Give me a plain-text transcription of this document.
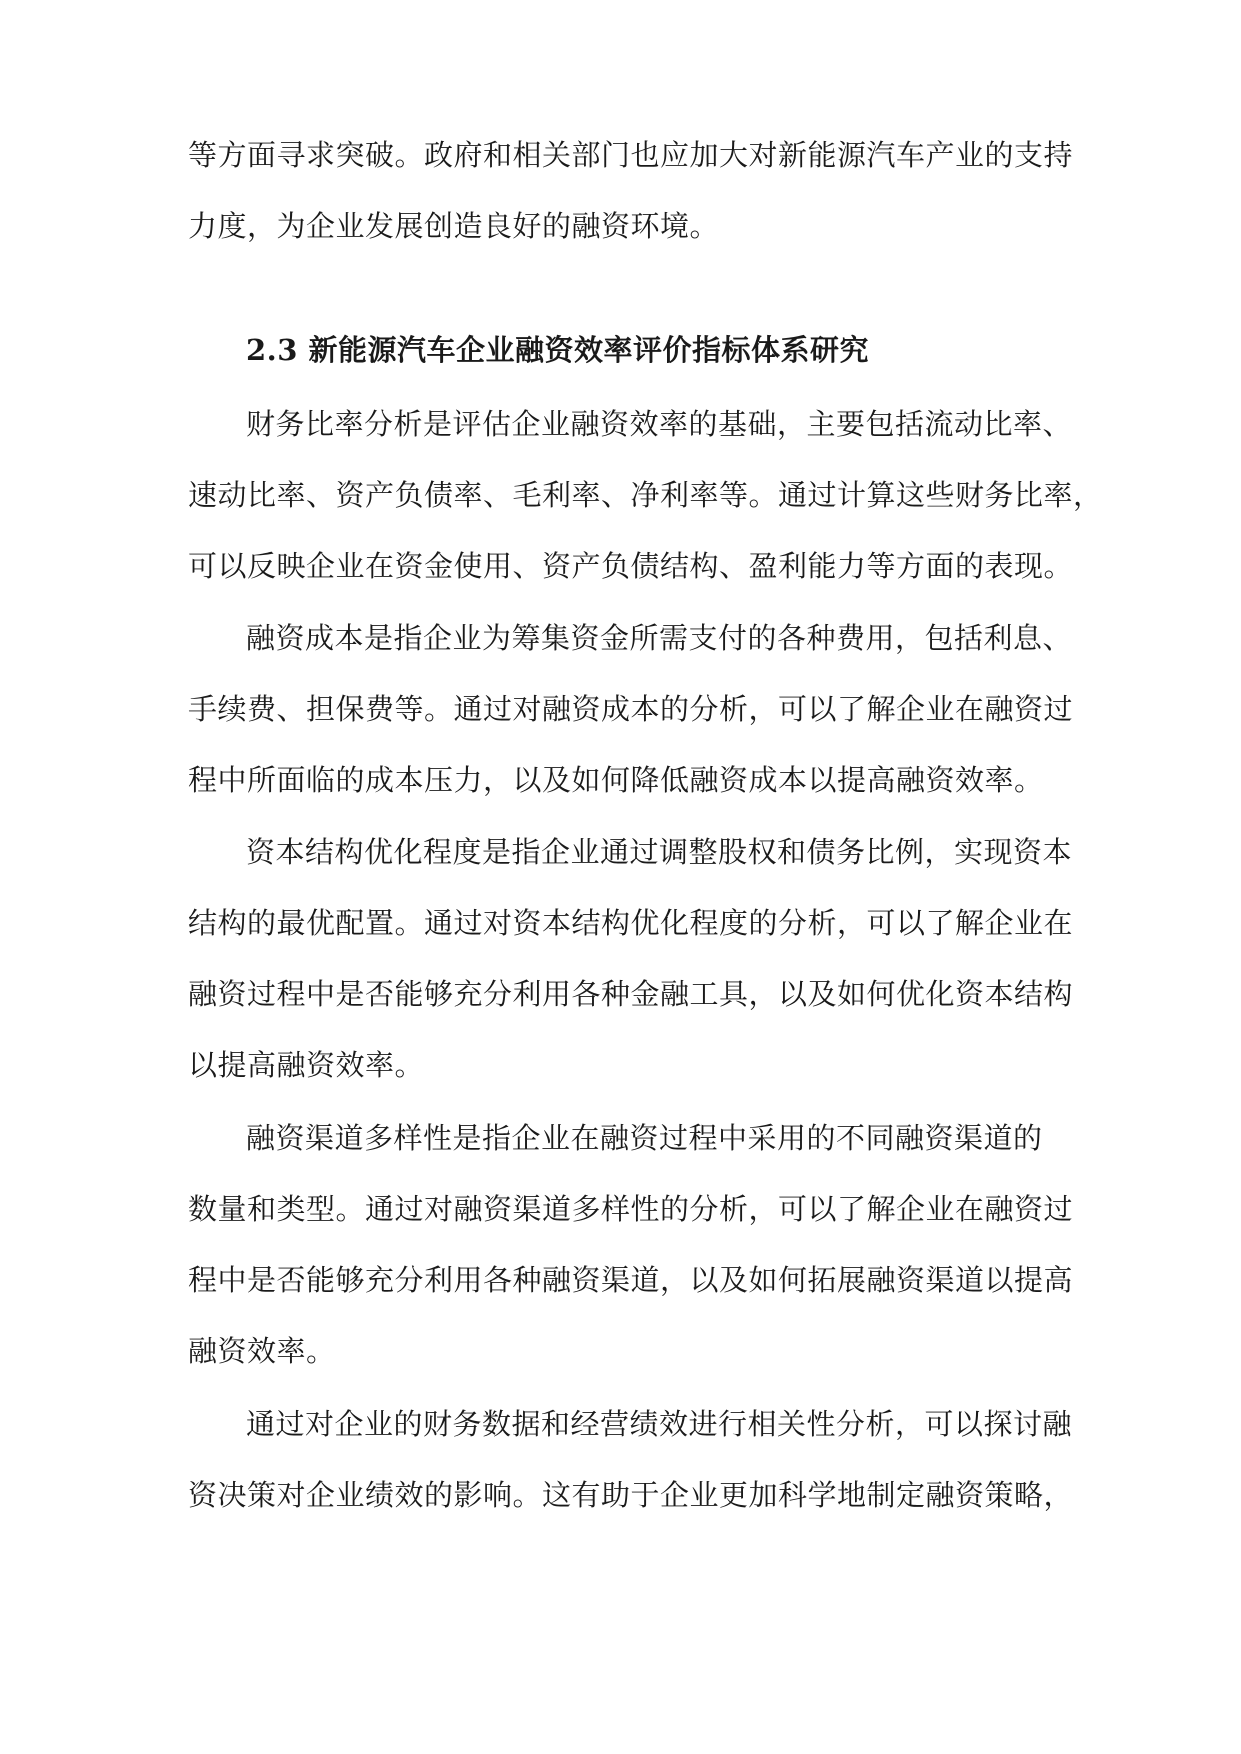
等方面寻求突破。政府和相关部门也应加大对新能源汽车产业的支持
力度，为企业发展创造良好的融资环境。
2.3 新能源汽车企业融资效率评价指标体系研究
财务比率分析是评估企业融资效率的基础，主要包括流动比率、
速动比率、资产负债率、毛利率、净利率等。通过计算这些财务比率，
可以反映企业在资金使用、资产负债结构、盈利能力等方面的表现。
融资成本是指企业为筹集资金所需支付的各种费用，包括利息、
手续费、担保费等。通过对融资成本的分析，可以了解企业在融资过
程中所面临的成本压力，以及如何降低融资成本以提高融资效率。
资本结构优化程度是指企业通过调整股权和债务比例，实现资本
结构的最优配置。通过对资本结构优化程度的分析，可以了解企业在
融资过程中是否能够充分利用各种金融工具，以及如何优化资本结构
以提高融资效率。
融资渠道多样性是指企业在融资过程中采用的不同融资渠道的
数量和类型。通过对融资渠道多样性的分析，可以了解企业在融资过
程中是否能够充分利用各种融资渠道，以及如何拓展融资渠道以提高
融资效率。
通过对企业的财务数据和经营绩效进行相关性分析，可以探讨融
资决策对企业绩效的影响。这有助于企业更加科学地制定融资策略，
